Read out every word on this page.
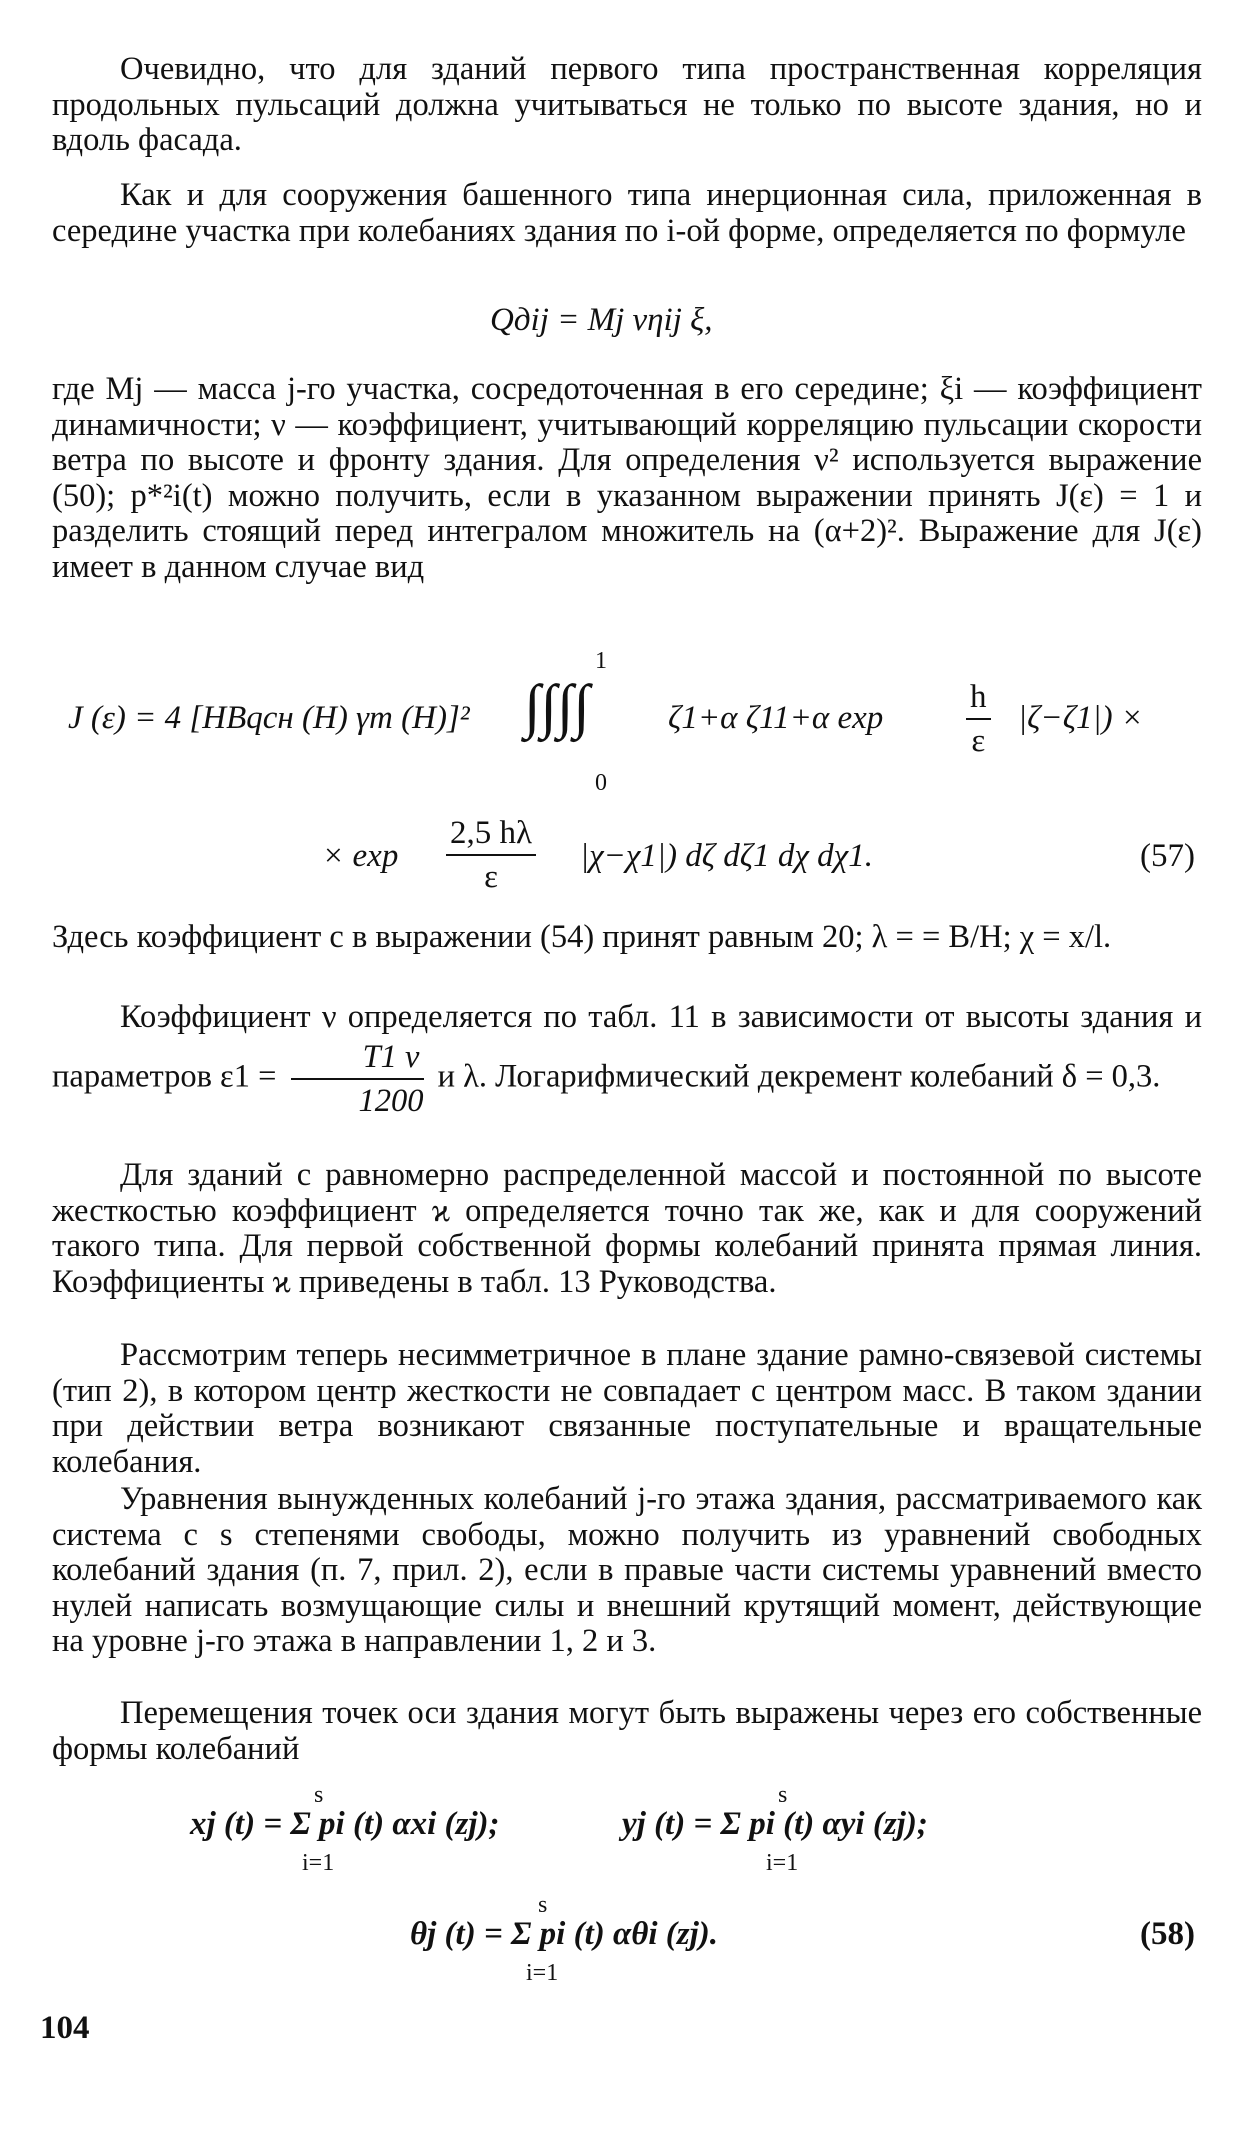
Очевидно, что для зданий первого типа пространственная корреляция продольных пульсаций должна учитываться не только по высоте здания, но и вдоль фасада.

Как и для сооружения башенного типа инерционная сила, приложенная в середине участка при колебаниях здания по i-ой форме, определяется по формуле

Qдij = Mj νηij ξ,

где Mj — масса j-го участка, сосредоточенная в его середине; ξi — коэффициент динамичности; ν — коэффициент, учитывающий корреляцию пульсации скорости ветра по высоте и фронту здания. Для определения ν² используется выражение (50); p*²i(t) можно получить, если в указанном выражении принять J(ε) = 1 и разделить стоящий перед интегралом множитель на (α+2)². Выражение для J(ε) имеет в данном случае вид

J (ε) = 4 [HBqсн (H) γт (H)]² ∫∫∫∫
1
0
ζ1+α ζ11+α exp	$\frac{h}{\varepsilon} |\zeta-\zeta 1|$) ×
× $\exp \frac{2,5 h\lambda}{\varepsilon} |\chi-\chi 1|$) dζ dζ1 dχ dχ1.	(57)

Здесь коэффициент c в выражении (54) принят равным 20; λ = = B/H; χ = x/l.

Коэффициент ν определяется по табл. 11 в зависимости от высоты здания и параметров $\varepsilon 1 = \frac{T1 v}{1200}$ и λ. Логарифмический декремент колебаний δ = 0,3.

Для зданий с равномерно распределенной массой и постоянной по высоте жесткостью коэффициент ϰ определяется точно так же, как и для сооружений такого типа. Для первой собственной формы колебаний принята прямая линия. Коэффициенты ϰ приведены в табл. 13 Руководства.

Рассмотрим теперь несимметричное в плане здание рамно-связевой системы (тип 2), в котором центр жесткости не совпадает с центром масс. В таком здании при действии ветра возникают связанные поступательные и вращательные колебания.

Уравнения вынужденных колебаний j-го этажа здания, рассматриваемого как система с s степенями свободы, можно получить из уравнений свободных колебаний здания (п. 7, прил. 2), если в правые части системы уравнений вместо нулей написать возмущающие силы и внешний крутящий момент, действующие на уровне j-го этажа в направлении 1, 2 и 3.

Перемещения точек оси здания могут быть выражены через его собственные формы колебаний

s
xj (t) = Σ pi (t) αxi (zj);
i=1
s
yj (t) = Σ pi (t) αyi (zj);
i=1
s
θj (t) = Σ pi (t) αθi (zj).
i=1
(58)
104
